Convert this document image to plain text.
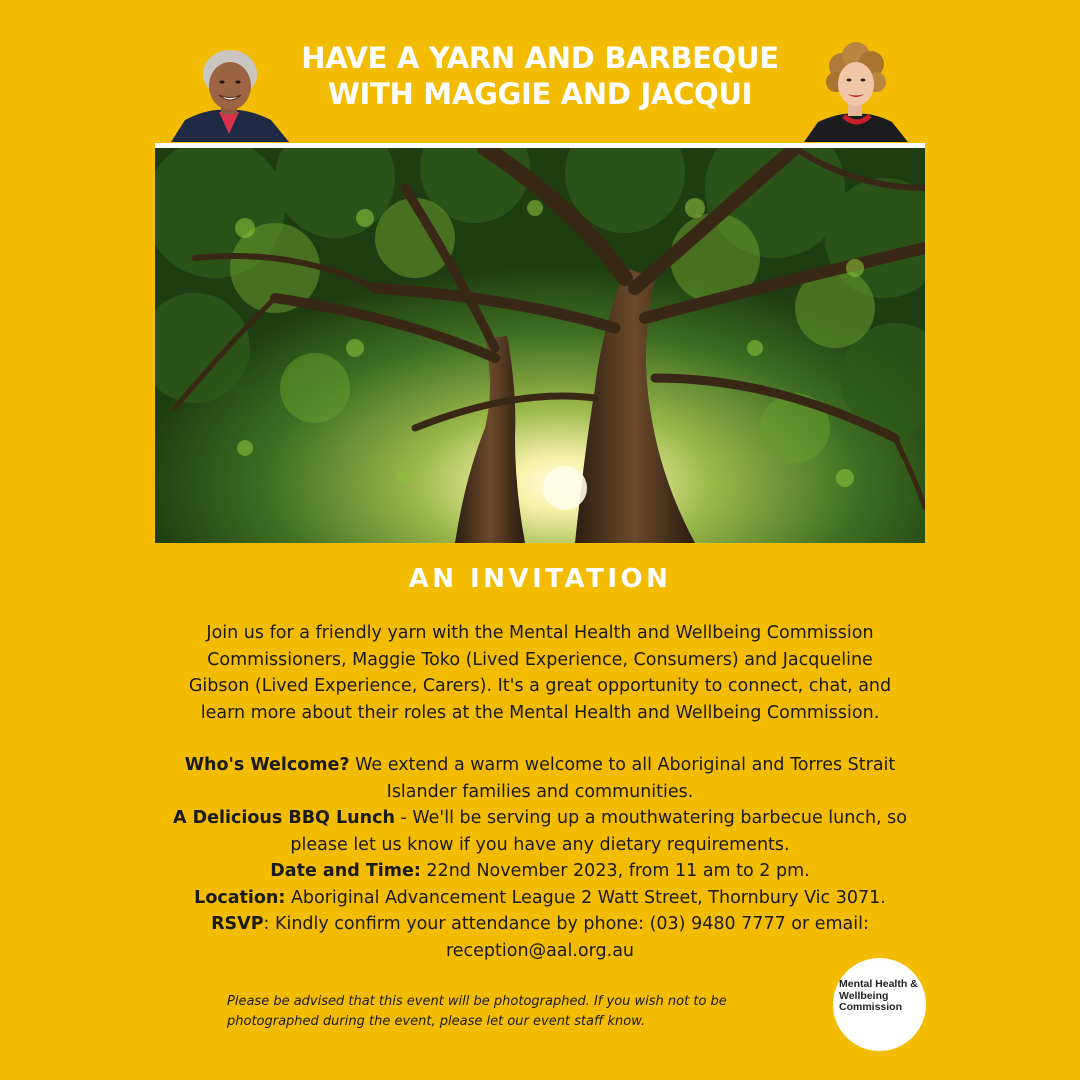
HAVE A YARN AND BARBEQUE
WITH MAGGIE AND JACQUI
AN INVITATION

Join us for a friendly yarn with the Mental Health and Wellbeing Commission

Commissioners, Maggie Toko (Lived Experience, Consumers) and Jacqueline

Gibson (Lived Experience, Carers). It's a great opportunity to connect, chat, and

learn more about their roles at the Mental Health and Wellbeing Commission.

Who's Welcome? We extend a warm welcome to all Aboriginal and Torres Strait

Islander families and communities.

A Delicious BBQ Lunch - We'll be serving up a mouthwatering barbecue lunch, so

please let us know if you have any dietary requirements.

Date and Time: 22nd November 2023, from 11 am to 2 pm.

Location: Aboriginal Advancement League 2 Watt Street, Thornbury Vic 3071.

RSVP: Kindly confirm your attendance by phone: (03) 9480 7777 or email:

reception@aal.org.au

Please be advised that this event will be photographed. If you wish not to be
photographed during the event, please let our event staff know.
Mental Health &
Wellbeing
Commission
